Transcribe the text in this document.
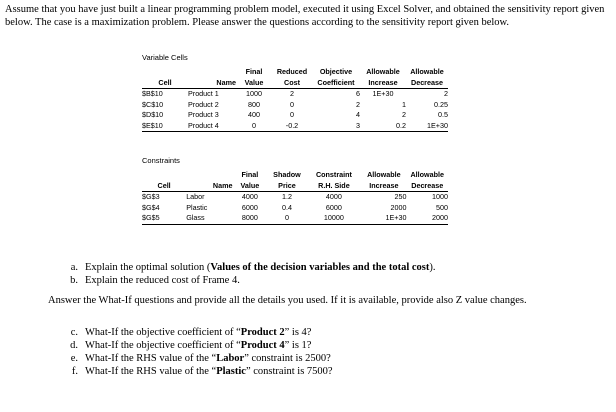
Assume that you have just built a linear programming problem model, executed it using Excel Solver, and obtained the sensitivity report given below. The case is a maximization problem. Please answer the questions according to the sensitivity report given below.

Variable Cells
		Final	Reduced	Objective	Allowable	Allowable
Cell	Name	Value	Cost	Coefficient	Increase	Decrease
$B$10	Product 1	1000	2	6	1E+30	2
$C$10	Product 2	800	0	2	1	0.25
$D$10	Product 3	400	0	4	2	0.5
$E$10	Product 4	0	-0.2	3	0.2	1E+30
Constraints
		Final	Shadow	Constraint	Allowable	Allowable
Cell	Name	Value	Price	R.H. Side	Increase	Decrease
$G$3	Labor	4000	1.2	4000	250	1000
$G$4	Plastic	6000	0.4	6000	2000	500
$G$5	Glass	8000	0	10000	1E+30	2000
a. Explain the optimal solution (Values of the decision variables and the total cost).
b. Explain the reduced cost of Frame 4.
Answer the What-If questions and provide all the details you used. If it is available, provide also Z value changes.
c. What-If the objective coefficient of “Product 2” is 4?
d. What-If the objective coefficient of “Product 4” is 1?
e. What-If the RHS value of the “Labor” constraint is 2500?
f. What-If the RHS value of the “Plastic” constraint is 7500?
